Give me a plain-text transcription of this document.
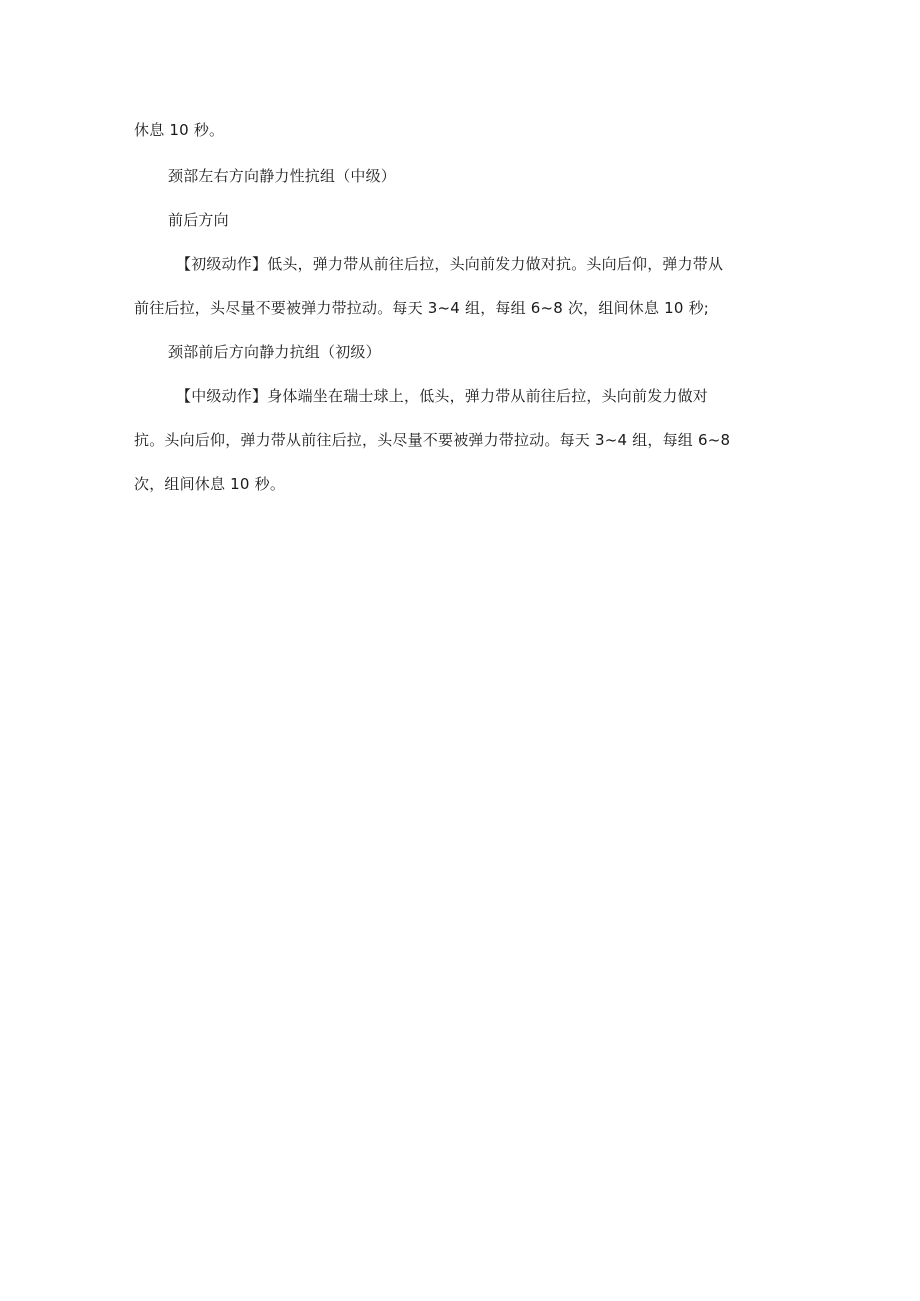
休息 10 秒。
颈部左右方向静力性抗组（中级）
前后方向
【初级动作】低头，弹力带从前往后拉，头向前发力做对抗。头向后仰，弹力带从
前往后拉，头尽量不要被弹力带拉动。每天 3~4 组，每组 6~8 次，组间休息 10 秒;
颈部前后方向静力抗组（初级）
【中级动作】身体端坐在瑞士球上，低头，弹力带从前往后拉，头向前发力做对
抗。头向后仰，弹力带从前往后拉，头尽量不要被弹力带拉动。每天 3~4 组，每组 6~8
次，组间休息 10 秒。
